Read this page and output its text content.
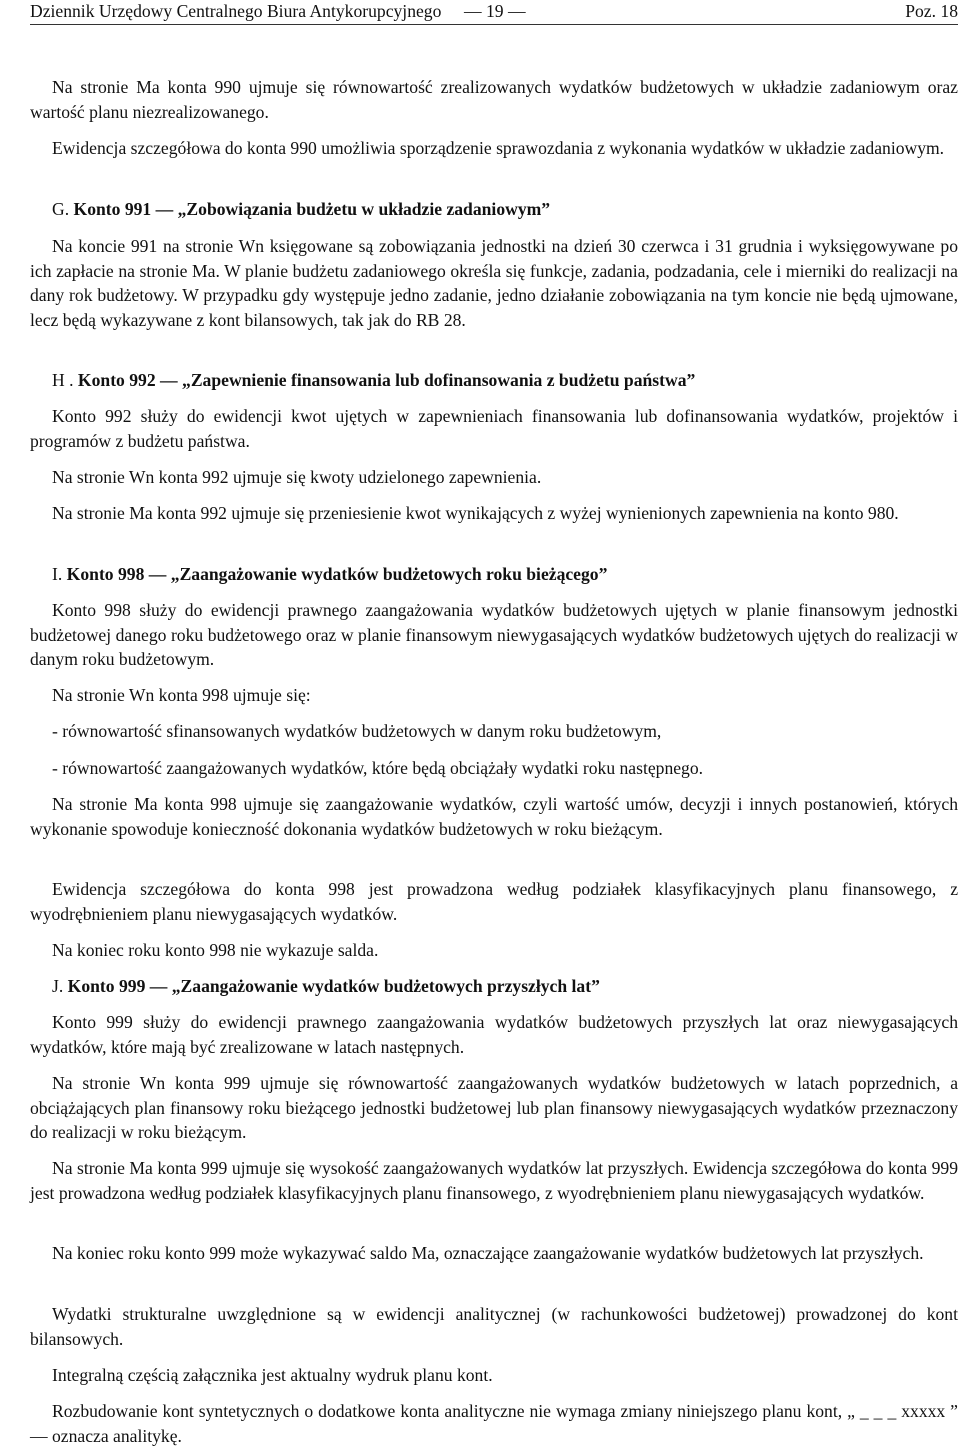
Dziennik Urzędowy Centralnego Biura Antykorupcyjnego — 19 —	Poz. 18

Na stronie Ma konta 990 ujmuje się równowartość zrealizowanych wydatków budżetowych w układzie zadaniowym oraz wartość planu niezrealizowanego.

Ewidencja szczegółowa do konta 990 umożliwia sporządzenie sprawozdania z wykonania wydatków w układzie zadaniowym.

G. Konto 991 — „Zobowiązania budżetu w układzie zadaniowym”

Na koncie 991 na stronie Wn księgowane są zobowiązania jednostki na dzień 30 czerwca i 31 grudnia i wyksięgowywane po ich zapłacie na stronie Ma. W planie budżetu zadaniowego określa się funkcje, zadania, podzadania, cele i mierniki do realizacji na dany rok budżetowy. W przypadku gdy występuje jedno zadanie, jedno działanie zobowiązania na tym koncie nie będą ujmowane, lecz będą wykazywane z kont bilansowych, tak jak do RB 28.

H . Konto 992 — „Zapewnienie finansowania lub dofinansowania z budżetu państwa”

Konto 992 służy do ewidencji kwot ujętych w zapewnieniach finansowania lub dofinansowania wydatków, projektów i programów z budżetu państwa.

Na stronie Wn konta 992 ujmuje się kwoty udzielonego zapewnienia.

Na stronie Ma konta 992 ujmuje się przeniesienie kwot wynikających z wyżej wynienionych zapewnienia na konto 980.

I. Konto 998 — „Zaangażowanie wydatków budżetowych roku bieżącego”

Konto 998 służy do ewidencji prawnego zaangażowania wydatków budżetowych ujętych w planie finansowym jednostki budżetowej danego roku budżetowego oraz w planie finansowym niewygasających wydatków budżetowych ujętych do realizacji w danym roku budżetowym.

Na stronie Wn konta 998 ujmuje się:

- równowartość sfinansowanych wydatków budżetowych w danym roku budżetowym,

- równowartość zaangażowanych wydatków, które będą obciążały wydatki roku następnego.

Na stronie Ma konta 998 ujmuje się zaangażowanie wydatków, czyli wartość umów, decyzji i innych postanowień, których wykonanie spowoduje konieczność dokonania wydatków budżetowych w roku bieżącym.

Ewidencja szczegółowa do konta 998 jest prowadzona według podziałek klasyfikacyjnych planu finansowego, z wyodrębnieniem planu niewygasających wydatków.

Na koniec roku konto 998 nie wykazuje salda.

J. Konto 999 — „Zaangażowanie wydatków budżetowych przyszłych lat”

Konto 999 służy do ewidencji prawnego zaangażowania wydatków budżetowych przyszłych lat oraz niewygasających wydatków, które mają być zrealizowane w latach następnych.

Na stronie Wn konta 999 ujmuje się równowartość zaangażowanych wydatków budżetowych w latach poprzednich, a obciążających plan finansowy roku bieżącego jednostki budżetowej lub plan finansowy niewygasających wydatków przeznaczony do realizacji w roku bieżącym.

Na stronie Ma konta 999 ujmuje się wysokość zaangażowanych wydatków lat przyszłych. Ewidencja szczegółowa do konta 999 jest prowadzona według podziałek klasyfikacyjnych planu finansowego, z wyodrębnieniem planu niewygasających wydatków.

Na koniec roku konto 999 może wykazywać saldo Ma, oznaczające zaangażowanie wydatków budżetowych lat przyszłych.

Wydatki strukturalne uwzględnione są w ewidencji analitycznej (w rachunkowości budżetowej) prowadzonej do kont bilansowych.

Integralną częścią załącznika jest aktualny wydruk planu kont.

Rozbudowanie kont syntetycznych o dodatkowe konta analityczne nie wymaga zmiany niniejszego planu kont, „ _ _ _ xxxxx ” — oznacza analitykę.
